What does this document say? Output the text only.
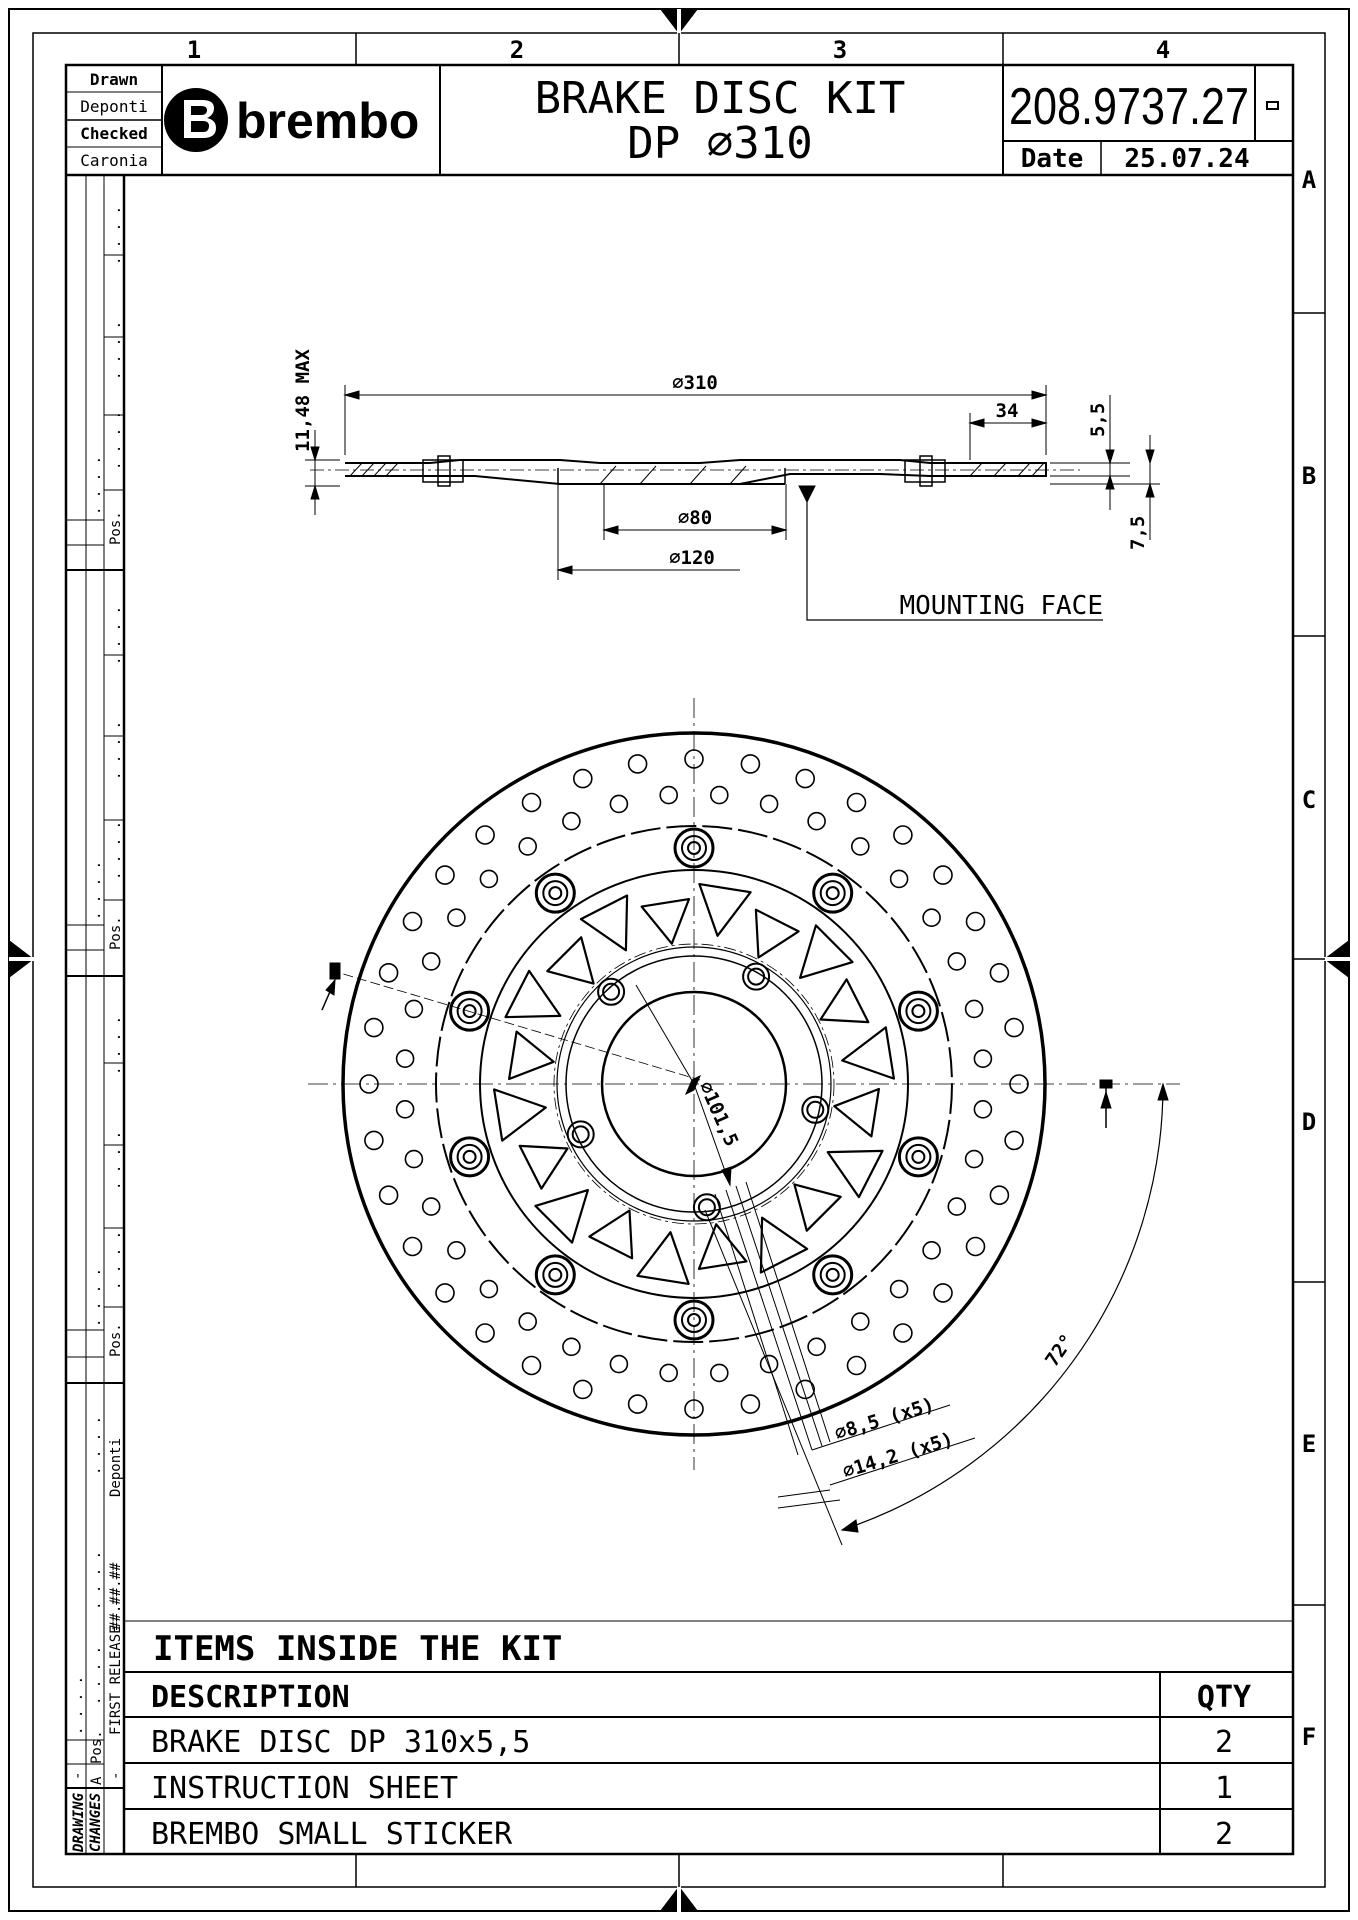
1	2	3	4
A
B
C
D
E
F
Drawn
Deponti
Checked
Caronia
brembo	BRAKE DISC KIT
DP ∅310
208.9737.27
Date 25.07.24
Pos.
Pos.
Pos.
Pos.
. . . .
. . . .
. . . .
. . . .
. . . .
. . . .
. . . .
. . . .
. . . .
. . . .
. . . .
. . . .
Deponti
. . . .
##.##.##
. . . .
FIRST RELEASE
. . . .
. . . .
A
-
-
DRAWING CHANGES
∅310
34
11,48 MAX	5,5
7,5
∅80
∅120
MOUNTING FACE
∅101,5
∅8,5 (x5)
∅14,2 (x5)
72°
ITEMS INSIDE THE KIT
DESCRIPTION	QTY
BRAKE DISC DP 310x5,5	2
INSTRUCTION SHEET	1
BREMBO SMALL STICKER	2
